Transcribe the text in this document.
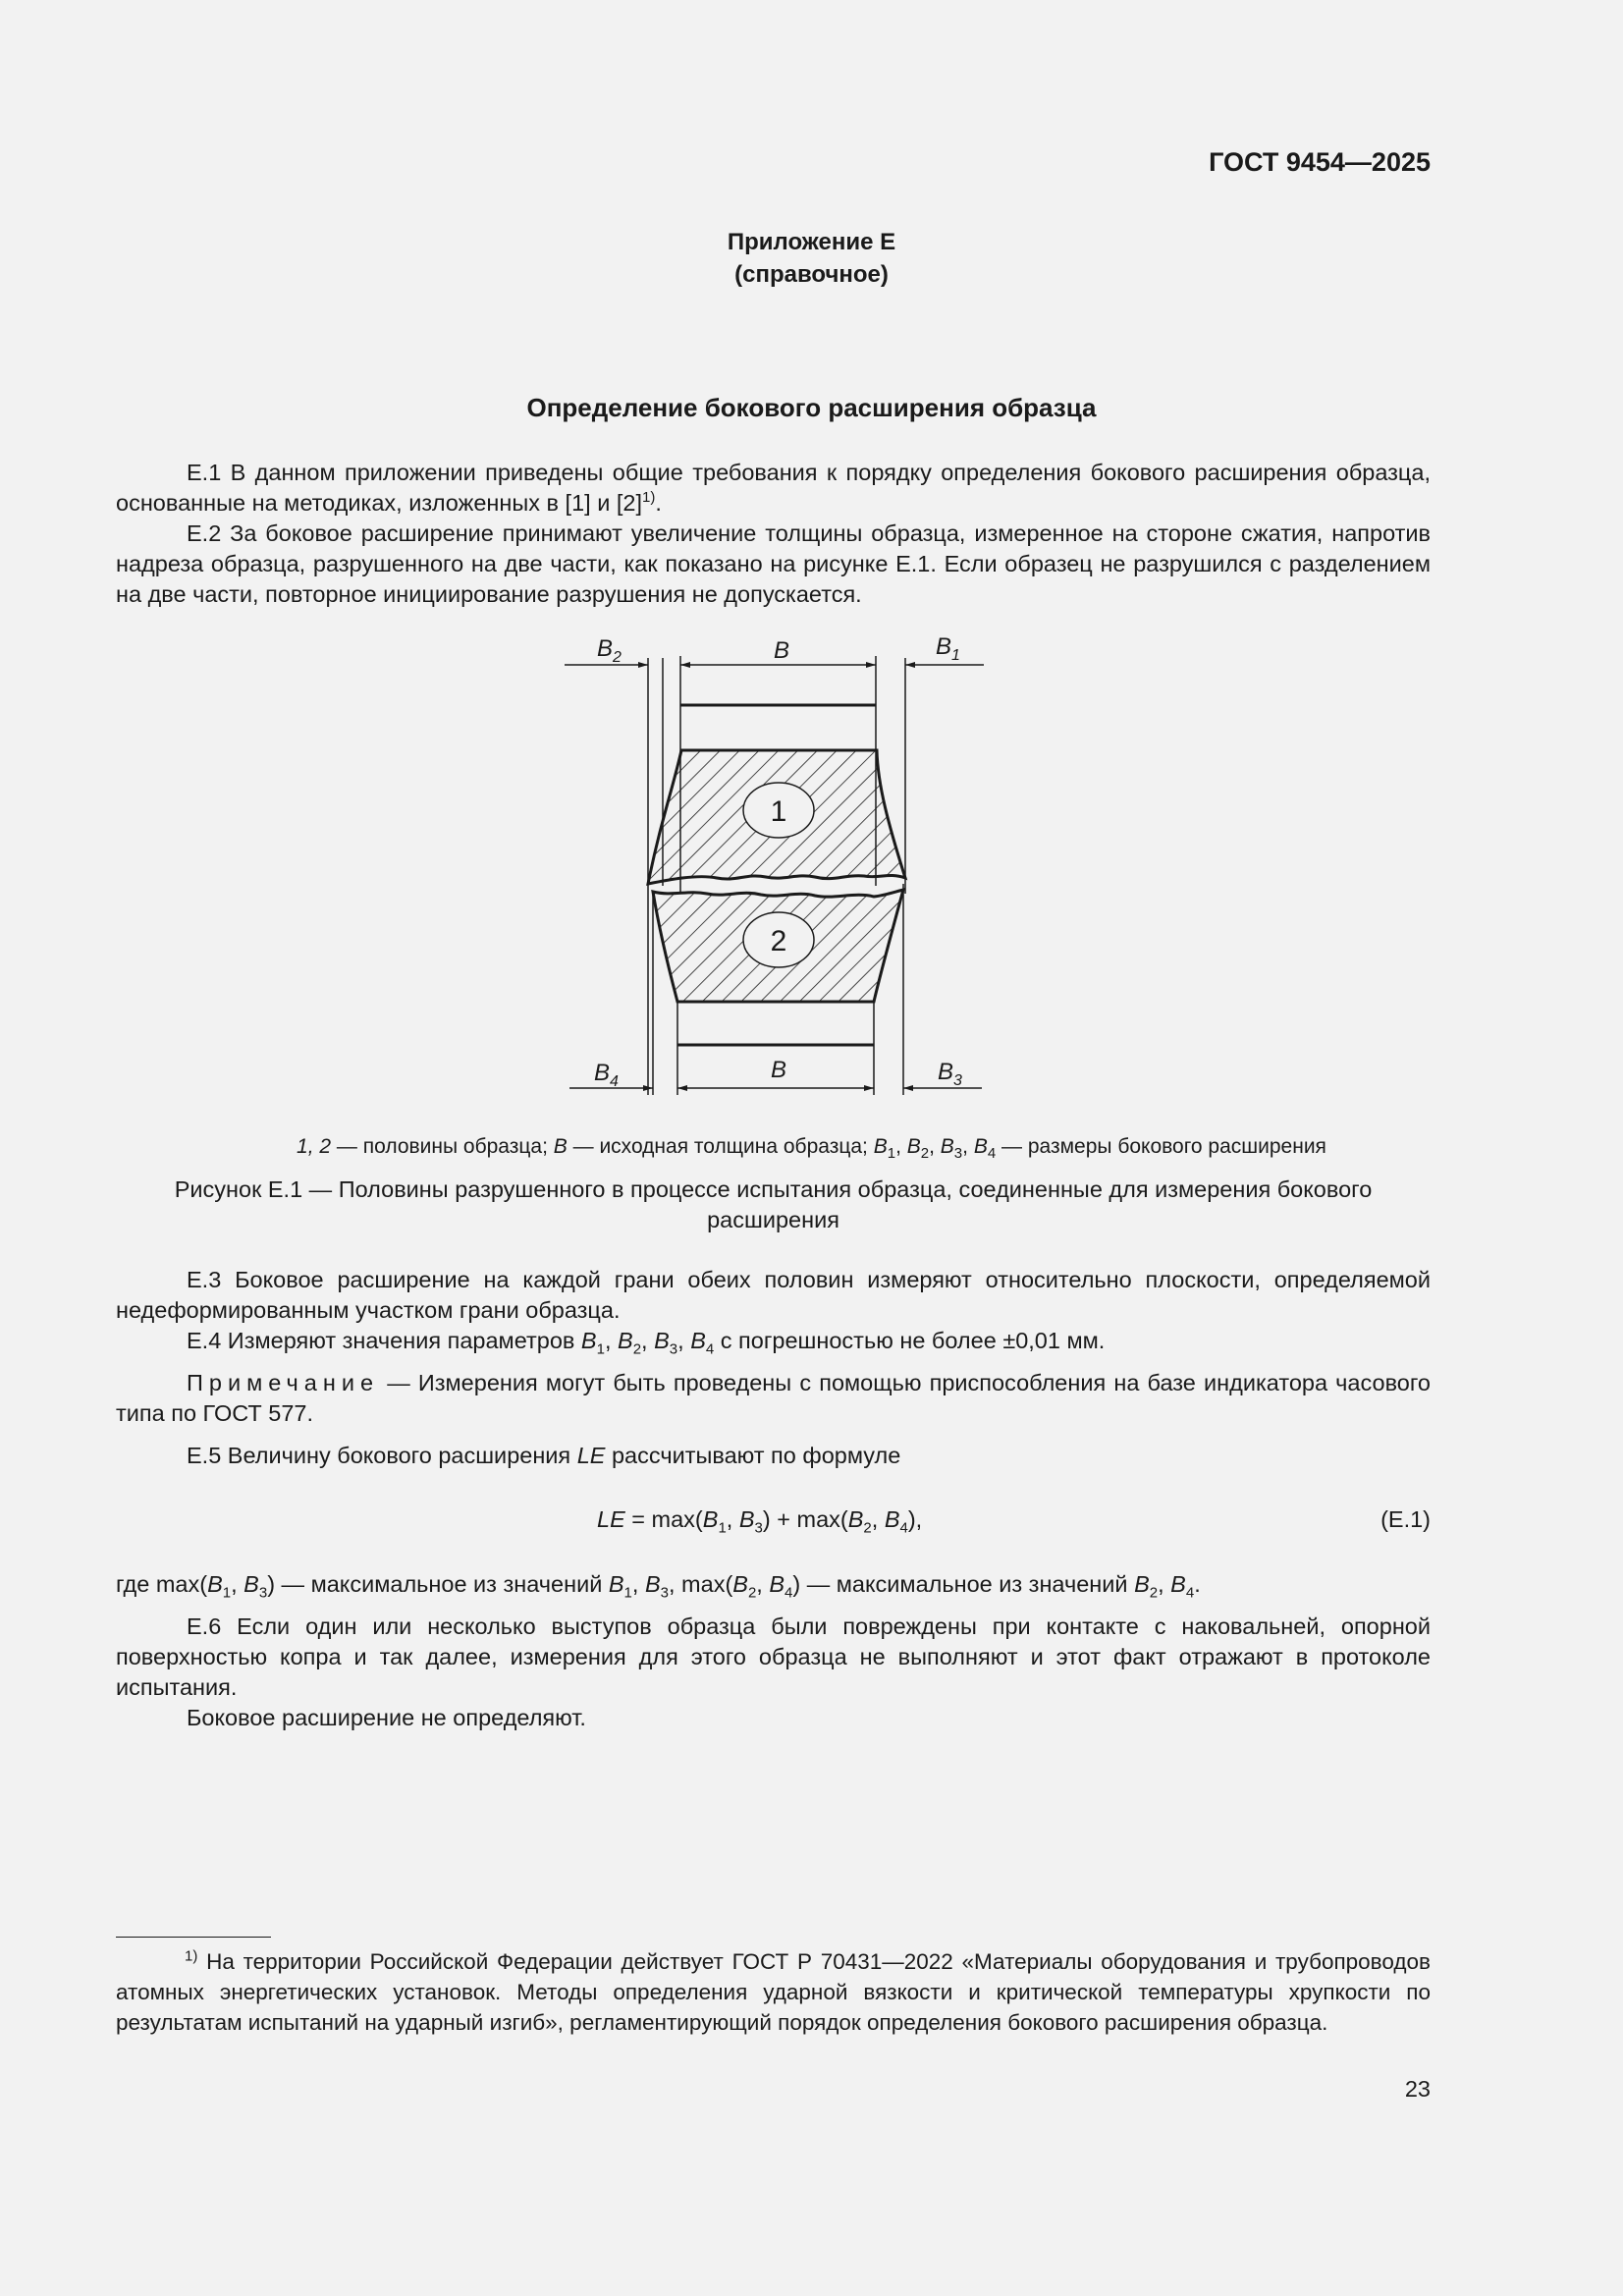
ГОСТ 9454—2025
Приложение Е
(справочное)
Определение бокового расширения образца

Е.1 В данном приложении приведены общие требования к порядку определения бокового расширения образца, основанные на методиках, изложенных в [1] и $[2]^{1)}$.

Е.2 За боковое расширение принимают увеличение толщины образца, измеренное на стороне сжатия, напротив надреза образца, разрушенного на две части, как показано на рисунке Е.1. Если образец не разрушился с разделением на две части, повторное инициирование разрушения не допускается.

1
2
$B_2$	B	$B_1$
$B_4$	B	$B_3$
1, 2 — половины образца; B — исходная толщина образца; $B_1$, $B_2$, $B_3$, $B_4$ — размеры бокового расширения
Рисунок Е.1 — Половины разрушенного в процессе испытания образца, соединенные для измерения бокового расширения

Е.3 Боковое расширение на каждой грани обеих половин измеряют относительно плоскости, определяемой недеформированным участком грани образца.

Е.4 Измеряют значения параметров $B_1$, $B_2$, $B_3$, $B_4$ с погрешностью не более ±0,01 мм.

Примечание — Измерения могут быть проведены с помощью приспособления на базе индикатора часового типа по ГОСТ 577.

Е.5 Величину бокового расширения LE рассчитывают по формуле

LE = $\max(B_1$, $B_3) + \max(B_2$, $B_4$),	(Е.1)

где $\max(B_1$, $B_3$) — максимальное из значений $B_1$, $B_3$, $\max(B_2$, $B_4$) — максимальное из значений $B_2$, $B_4$.

Е.6 Если один или несколько выступов образца были повреждены при контакте с наковальней, опорной поверхностью копра и так далее, измерения для этого образца не выполняют и этот факт отражают в протоколе испытания.

Боковое расширение не определяют.

$^{1)}$ На территории Российской Федерации действует ГОСТ Р 70431—2022 «Материалы оборудования и трубопроводов атомных энергетических установок. Методы определения ударной вязкости и критической температуры хрупкости по результатам испытаний на ударный изгиб», регламентирующий порядок определения бокового расширения образца.

23
